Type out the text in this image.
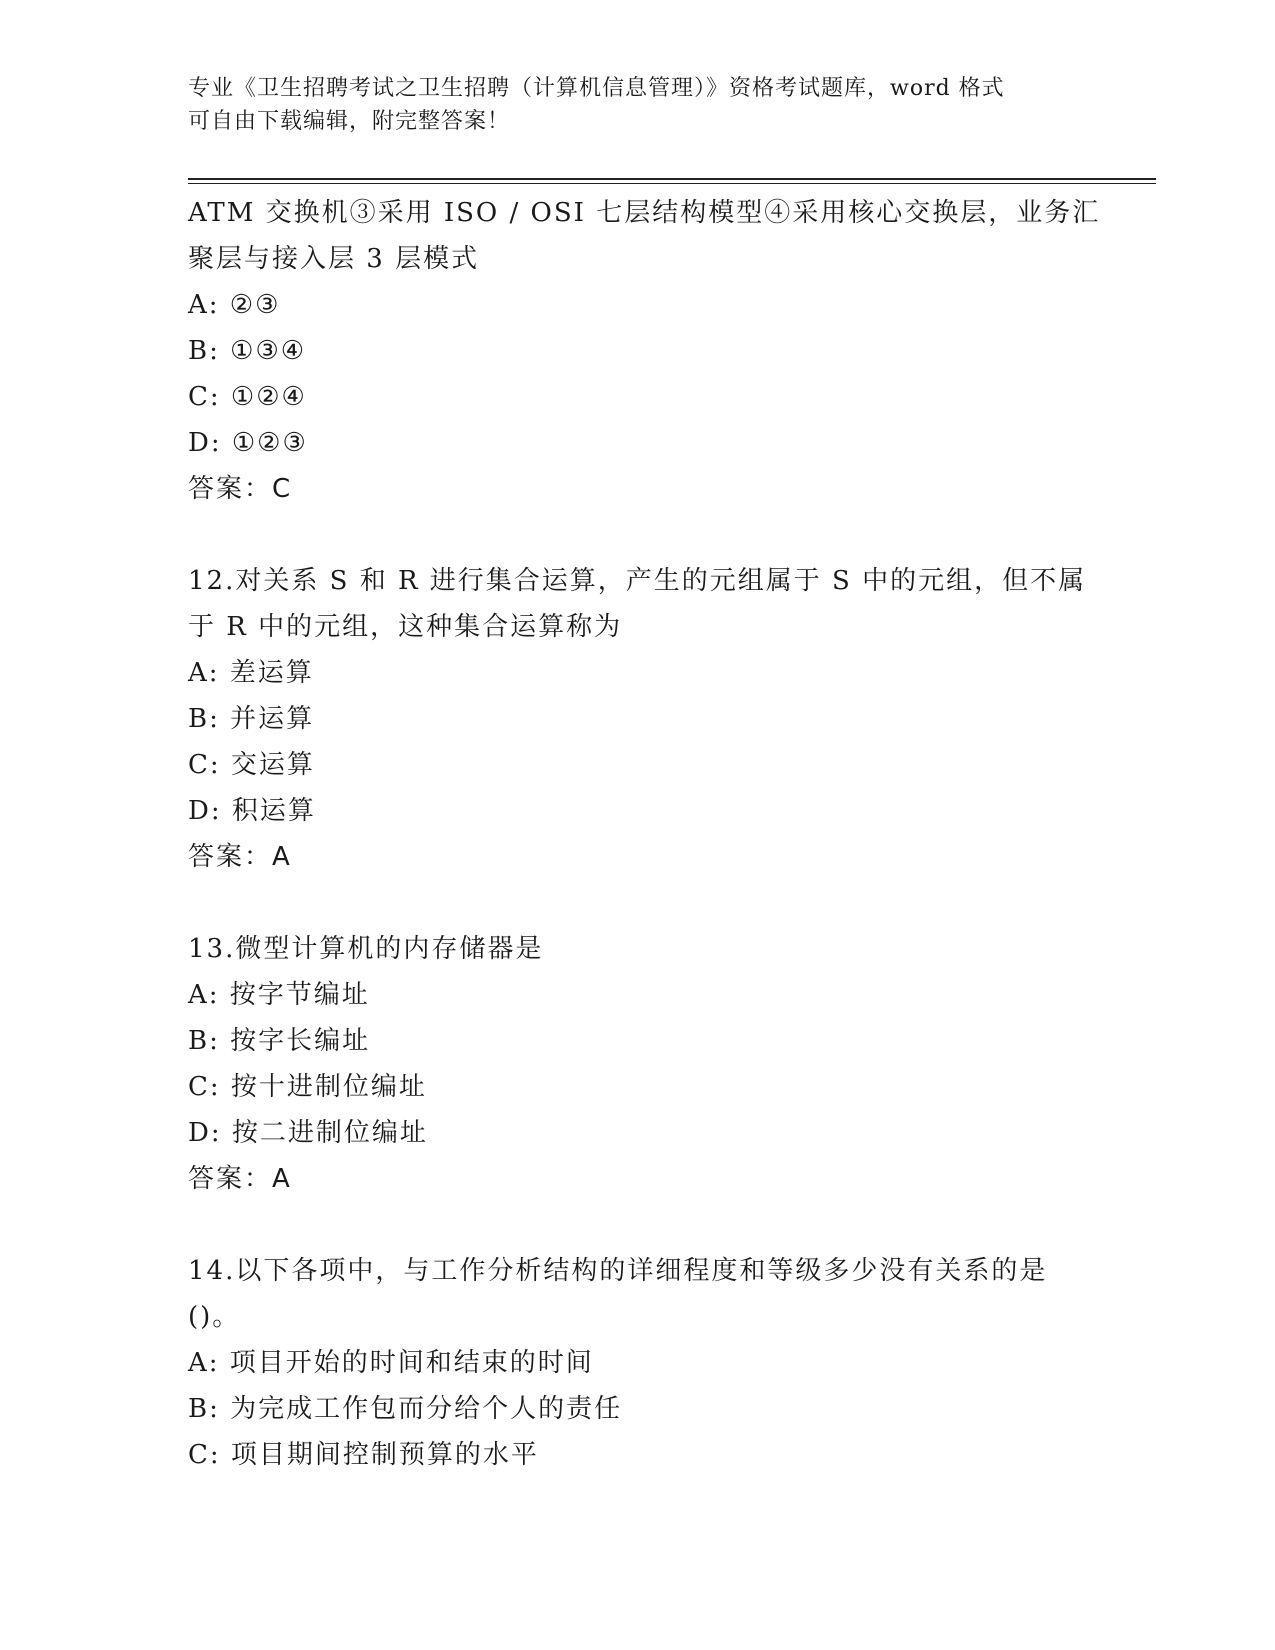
专业《卫生招聘考试之卫生招聘（计算机信息管理）》资格考试题库，word 格式
可自由下载编辑，附完整答案！
ATM 交换机③采用 ISO / OSI 七层结构模型④采用核心交换层，业务汇
聚层与接入层 3 层模式
A: ②③
B: ①③④
C: ①②④
D: ①②③
答案：C
12.对关系 S 和 R 进行集合运算，产生的元组属于 S 中的元组，但不属
于 R 中的元组，这种集合运算称为
A: 差运算
B: 并运算
C: 交运算
D: 积运算
答案：A
13.微型计算机的内存储器是
A: 按字节编址
B: 按字长编址
C: 按十进制位编址
D: 按二进制位编址
答案：A
14.以下各项中，与工作分析结构的详细程度和等级多少没有关系的是
()。
A: 项目开始的时间和结束的时间
B: 为完成工作包而分给个人的责任
C: 项目期间控制预算的水平
